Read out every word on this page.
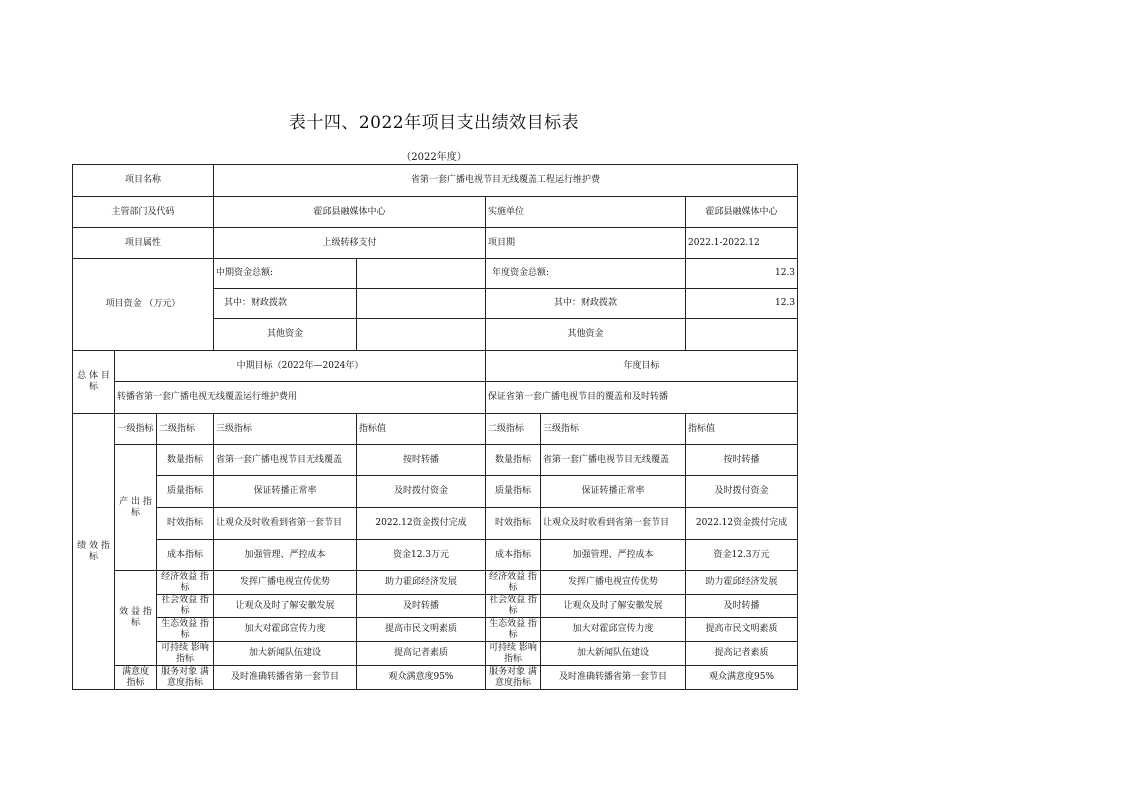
表十四、2022年项目支出绩效目标表
（2022年度）
项目名称			省第一套广播电视节目无线覆盖工程运行维护费				
主管部门及代码			霍邱县融媒体中心		实施单位		霍邱县融媒体中心
项目属性			上级转移支付		项目期		2022.1-2022.12
项目资金 （万元）			中期资金总额:		年度资金总额:		12.3
			其中：财政拨款		其中：财政拨款		12.3
			其他资金		其他资金		
总 体 目 标	中期目标（2022年—2024年）				年度目标		
	转播省第一套广播电视无线覆盖运行维护费用				保证省第一套广播电视节目的覆盖和及时转播		
绩 效 指 标	一级指标	二级指标	三级指标	指标值	二级指标	三级指标	指标值
	产 出 指 标	数量指标	省第一套广播电视节目无线覆盖	按时转播	数量指标	省第一套广播电视节目无线覆盖	按时转播
		质量指标	保证转播正常率	及时拨付资金	质量指标	保证转播正常率	及时拨付资金
		时效指标	让观众及时收看到省第一套节目	2022.12资金拨付完成	时效指标	让观众及时收看到省第一套节目	2022.12资金拨付完成
		成本指标	加强管理、严控成本	资金12.3万元	成本指标	加强管理、严控成本	资金12.3万元
	效 益 指 标	经济效益 指标	发挥广播电视宣传优势	助力霍邱经济发展	经济效益 指标	发挥广播电视宣传优势	助力霍邱经济发展
		社会效益 指标	让观众及时了解安徽发展	及时转播	社会效益 指标	让观众及时了解安徽发展	及时转播
		生态效益 指标	加大对霍邱宣传力度	提高市民文明素质	生态效益 指标	加大对霍邱宣传力度	提高市民文明素质
		可持续 影响指标	加大新闻队伍建设	提高记者素质	可持续 影响指标	加大新闻队伍建设	提高记者素质
	满意度 指标	服务对象 满意度指标	及时准确转播省第一套节目	观众满意度95%	服务对象 满意度指标	及时准确转播省第一套节目	观众满意度95%
